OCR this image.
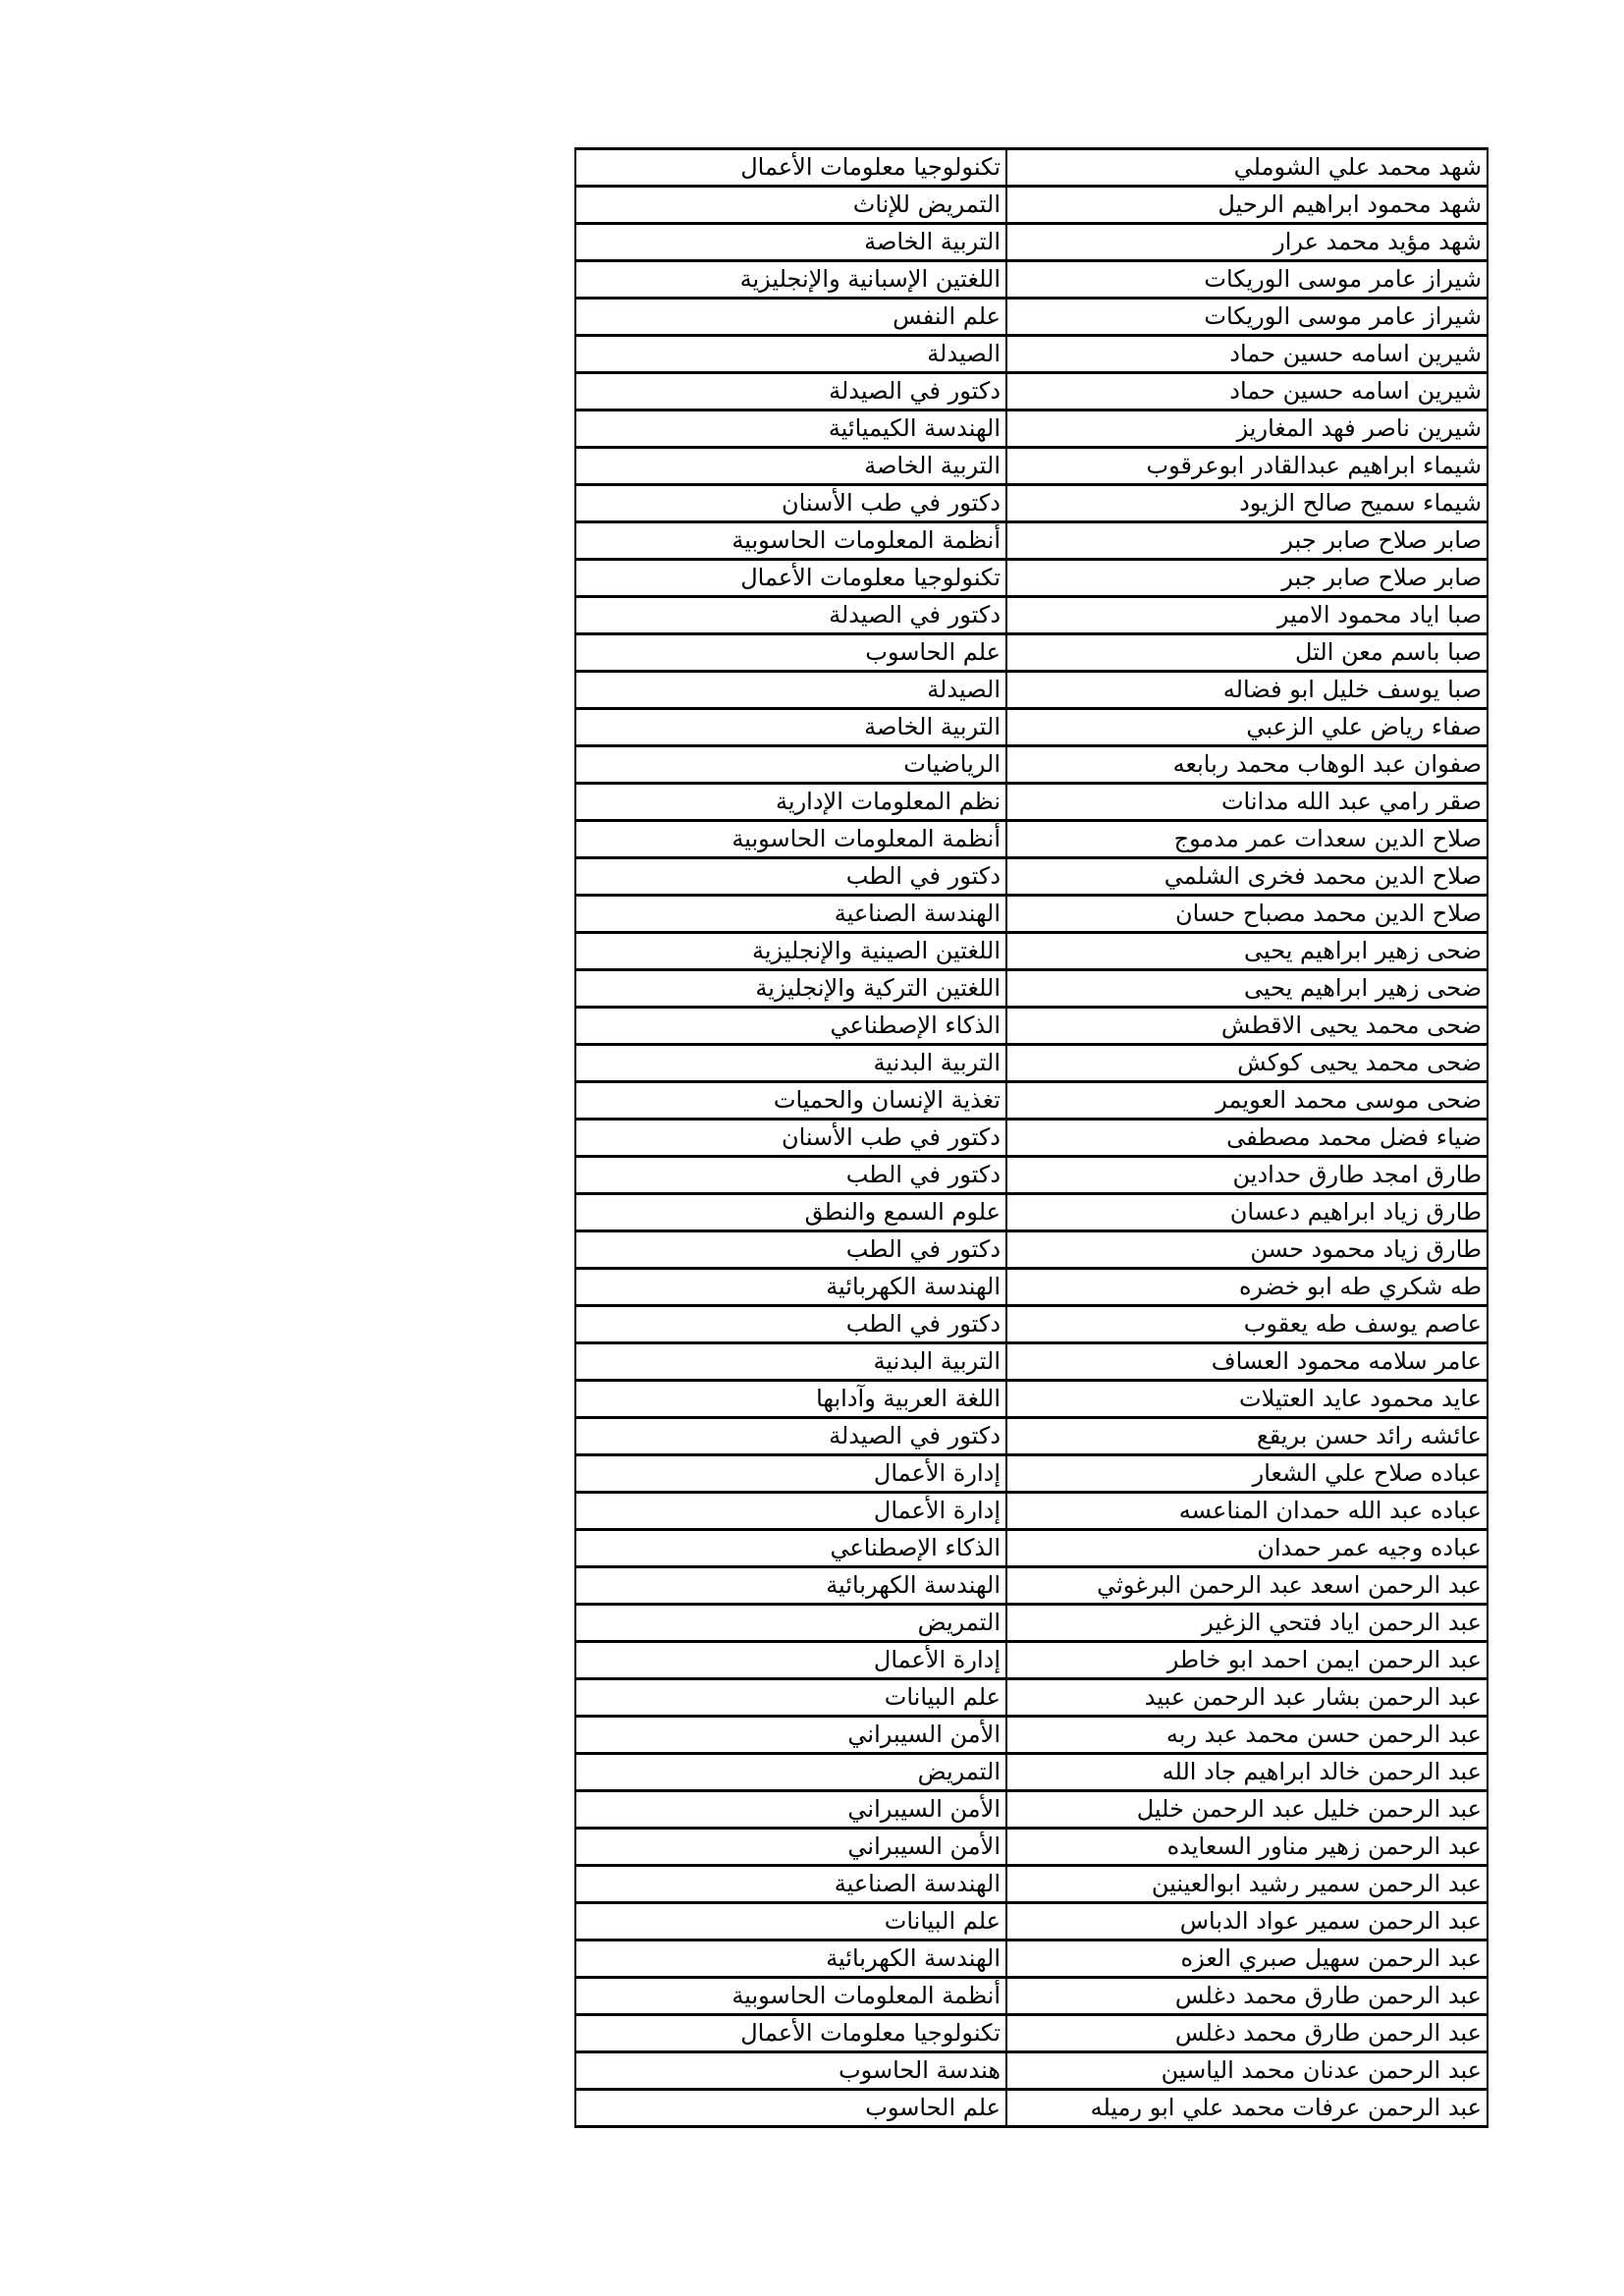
شهد محمد علي الشوملي	تكنولوجيا معلومات الأعمال
شهد محمود ابراهيم الرحيل	التمريض للإناث
شهد مؤيد محمد عرار	التربية الخاصة
شيراز عامر موسى الوريكات	اللغتين الإسبانية والإنجليزية
شيراز عامر موسى الوريكات	علم النفس
شيرين اسامه حسين حماد	الصيدلة
شيرين اسامه حسين حماد	دكتور في الصيدلة
شيرين ناصر فهد المغاريز	الهندسة الكيميائية
شيماء ابراهيم عبدالقادر ابوعرقوب	التربية الخاصة
شيماء سميح صالح الزيود	دكتور في طب الأسنان
صابر صلاح صابر جبر	أنظمة المعلومات الحاسوبية
صابر صلاح صابر جبر	تكنولوجيا معلومات الأعمال
صبا اياد محمود الامير	دكتور في الصيدلة
صبا باسم معن التل	علم الحاسوب
صبا يوسف خليل ابو فضاله	الصيدلة
صفاء رياض علي الزعبي	التربية الخاصة
صفوان عبد الوهاب محمد ربابعه	الرياضيات
صقر رامي عبد الله مدانات	نظم المعلومات الإدارية
صلاح الدين سعدات عمر مدموج	أنظمة المعلومات الحاسوبية
صلاح الدين محمد فخرى الشلمي	دكتور في الطب
صلاح الدين محمد مصباح حسان	الهندسة الصناعية
ضحى زهير ابراهيم يحيى	اللغتين الصينية والإنجليزية
ضحى زهير ابراهيم يحيى	اللغتين التركية والإنجليزية
ضحى محمد يحيى الاقطش	الذكاء الإصطناعي
ضحى محمد يحيى كوكش	التربية البدنية
ضحى موسى محمد العويمر	تغذية الإنسان والحميات
ضياء فضل محمد مصطفى	دكتور في طب الأسنان
طارق امجد طارق حدادين	دكتور في الطب
طارق زياد ابراهيم دعسان	علوم السمع والنطق
طارق زياد محمود حسن	دكتور في الطب
طه شكري طه ابو خضره	الهندسة الكهربائية
عاصم يوسف طه يعقوب	دكتور في الطب
عامر سلامه محمود العساف	التربية البدنية
عايد محمود عايد العتيلات	اللغة العربية وآدابها
عائشه رائد حسن بريقع	دكتور في الصيدلة
عباده صلاح علي الشعار	إدارة الأعمال
عباده عبد الله حمدان المناعسه	إدارة الأعمال
عباده وجيه عمر حمدان	الذكاء الإصطناعي
عبد الرحمن اسعد عبد الرحمن البرغوثي	الهندسة الكهربائية
عبد الرحمن اياد فتحي الزغير	التمريض
عبد الرحمن ايمن احمد ابو خاطر	إدارة الأعمال
عبد الرحمن بشار عبد الرحمن عبيد	علم البيانات
عبد الرحمن حسن محمد عبد ربه	الأمن السيبراني
عبد الرحمن خالد ابراهيم جاد الله	التمريض
عبد الرحمن خليل عبد الرحمن خليل	الأمن السيبراني
عبد الرحمن زهير مناور السعايده	الأمن السيبراني
عبد الرحمن سمير رشيد ابوالعينين	الهندسة الصناعية
عبد الرحمن سمير عواد الدباس	علم البيانات
عبد الرحمن سهيل صبري العزه	الهندسة الكهربائية
عبد الرحمن طارق محمد دغلس	أنظمة المعلومات الحاسوبية
عبد الرحمن طارق محمد دغلس	تكنولوجيا معلومات الأعمال
عبد الرحمن عدنان محمد الياسين	هندسة الحاسوب
عبد الرحمن عرفات محمد علي ابو رميله	علم الحاسوب
